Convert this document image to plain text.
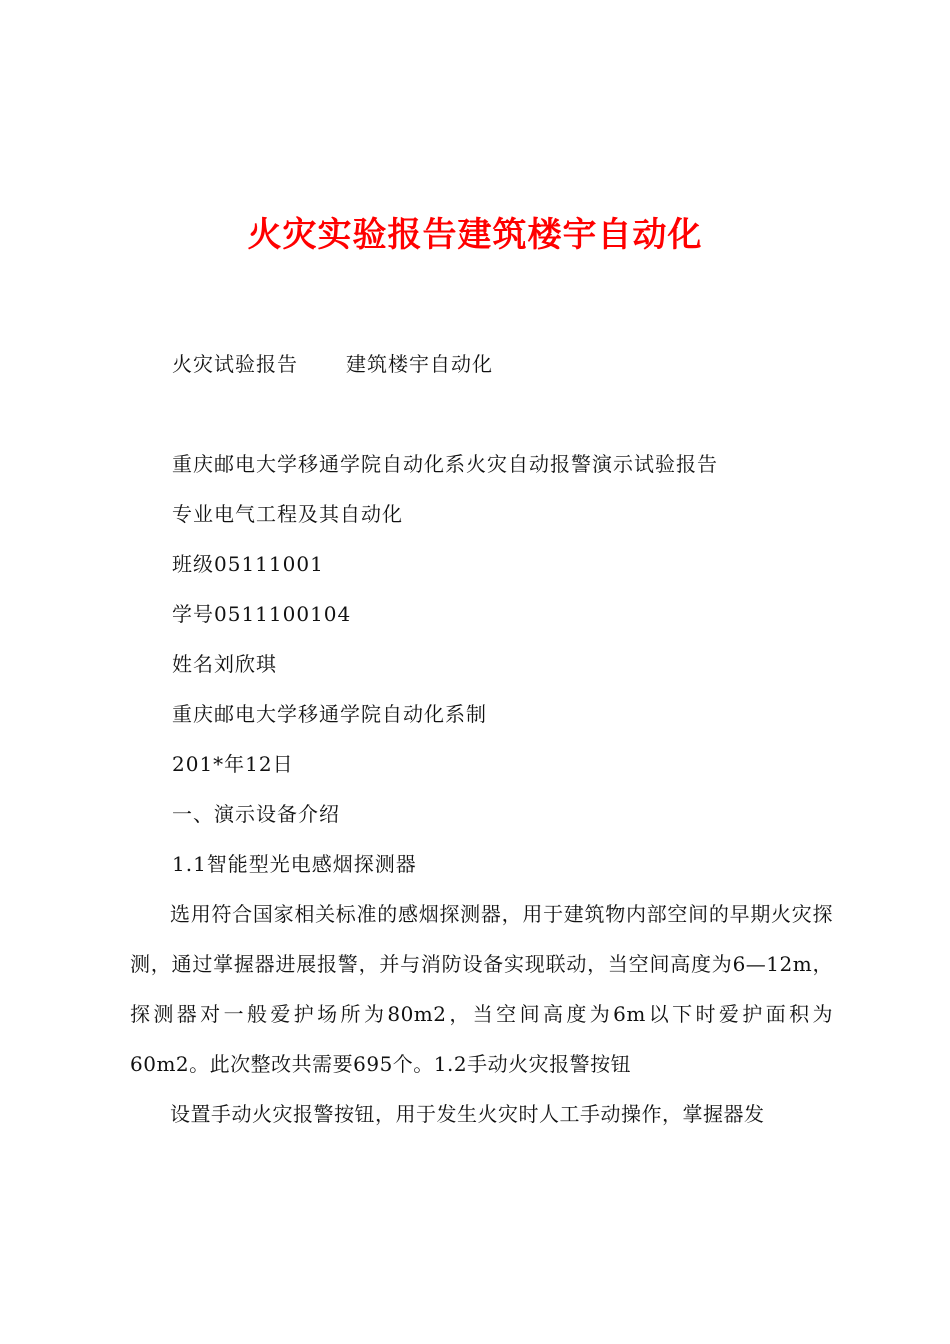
火灾实验报告建筑楼宇自动化
火灾试验报告 建筑楼宇自动化
重庆邮电大学移通学院自动化系火灾自动报警演示试验报告
专业电气工程及其自动化
班级05111001
学号0511100104
姓名刘欣琪
重庆邮电大学移通学院自动化系制
201*年12日
一、演示设备介绍
1.1智能型光电感烟探测器

选用符合国家相关标准的感烟探测器，用于建筑物内部空间的早期火灾探测，通过掌握器进展报警，并与消防设备实现联动，当空间高度为6—12m，探测器对一般爱护场所为80m2，当空间高度为6m以下时爱护面积为60m2。此次整改共需要695个。1.2手动火灾报警按钮

设置手动火灾报警按钮，用于发生火灾时人工手动操作，掌握器发
